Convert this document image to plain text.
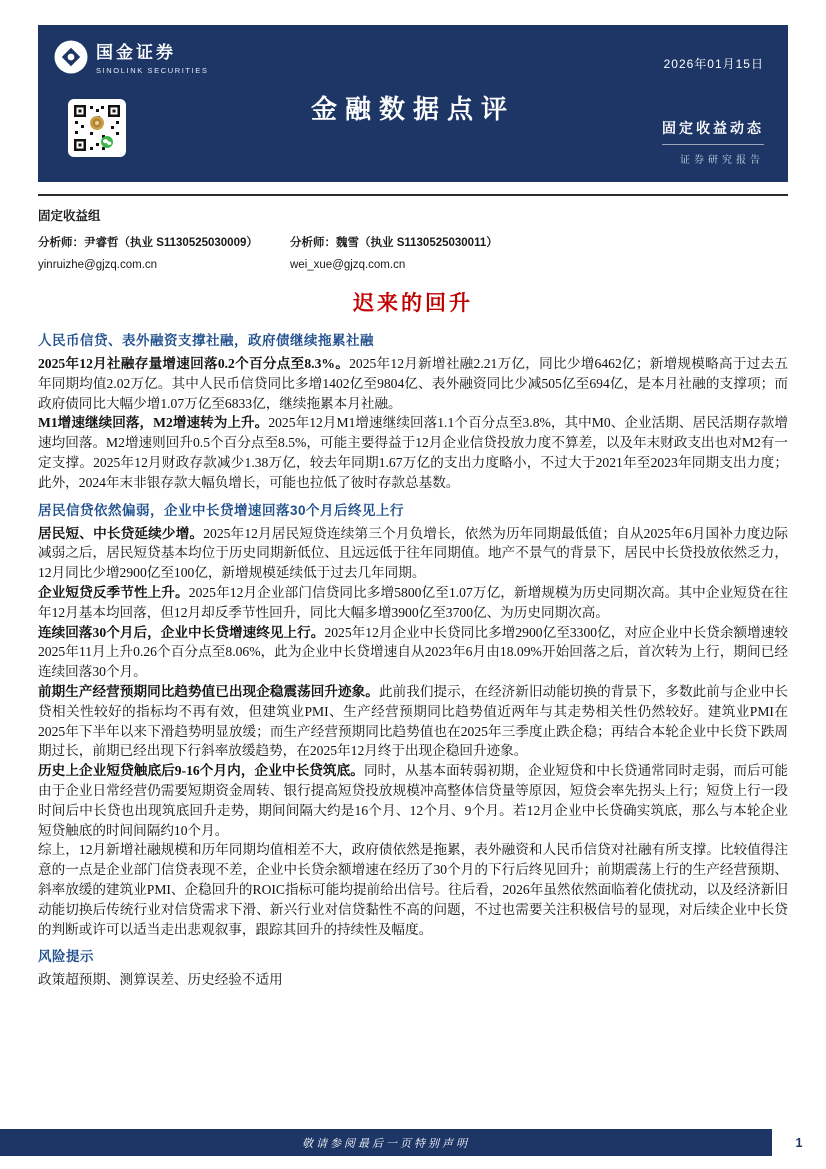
国金证券
SINOLINK SECURITIES	2026年01月15日
金融数据点评
固定收益动态
证券研究报告
固定收益组
分析师：尹睿哲（执业 S1130525030009）	分析师：魏雪（执业 S1130525030011）
yinruizhe@gjzq.com.cn	wei_xue@gjzq.com.cn
迟来的回升
人民币信贷、表外融资支撑社融，政府债继续拖累社融

2025年12月社融存量增速回落0.2个百分点至8.3%。2025年12月新增社融2.21万亿，同比少增6462亿；新增规模略高于过去五年同期均值2.02万亿。其中人民币信贷同比多增1402亿至9804亿、表外融资同比少减505亿至694亿，是本月社融的支撑项；而政府债同比大幅少增1.07万亿至6833亿，继续拖累本月社融。

M1增速继续回落，M2增速转为上升。2025年12月M1增速继续回落1.1个百分点至3.8%，其中M0、企业活期、居民活期存款增速均回落。M2增速则回升0.5个百分点至8.5%，可能主要得益于12月企业信贷投放力度不算差，以及年末财政支出也对M2有一定支撑。2025年12月财政存款减少1.38万亿，较去年同期1.67万亿的支出力度略小，不过大于2021年至2023年同期支出力度；此外，2024年末非银存款大幅负增长，可能也拉低了彼时存款总基数。

居民信贷依然偏弱，企业中长贷增速回落30个月后终见上行

居民短、中长贷延续少增。2025年12月居民短贷连续第三个月负增长，依然为历年同期最低值；自从2025年6月国补力度边际减弱之后，居民短贷基本均位于历史同期新低位、且远远低于往年同期值。地产不景气的背景下，居民中长贷投放依然乏力，12月同比少增2900亿至100亿，新增规模延续低于过去几年同期。

企业短贷反季节性上升。2025年12月企业部门信贷同比多增5800亿至1.07万亿，新增规模为历史同期次高。其中企业短贷在往年12月基本均回落，但12月却反季节性回升，同比大幅多增3900亿至3700亿、为历史同期次高。

连续回落30个月后，企业中长贷增速终见上行。2025年12月企业中长贷同比多增2900亿至3300亿，对应企业中长贷余额增速较2025年11月上升0.26个百分点至8.06%，此为企业中长贷增速自从2023年6月由18.09%开始回落之后，首次转为上行，期间已经连续回落30个月。

前期生产经营预期同比趋势值已出现企稳震荡回升迹象。此前我们提示，在经济新旧动能切换的背景下，多数此前与企业中长贷相关性较好的指标均不再有效，但建筑业PMI、生产经营预期同比趋势值近两年与其走势相关性仍然较好。建筑业PMI在2025年下半年以来下滑趋势明显放缓；而生产经营预期同比趋势值也在2025年三季度止跌企稳；再结合本轮企业中长贷下跌周期过长，前期已经出现下行斜率放缓趋势，在2025年12月终于出现企稳回升迹象。

历史上企业短贷触底后9-16个月内，企业中长贷筑底。同时，从基本面转弱初期，企业短贷和中长贷通常同时走弱，而后可能由于企业日常经营仍需要短期资金周转、银行提高短贷投放规模冲高整体信贷量等原因，短贷会率先拐头上行；短贷上行一段时间后中长贷也出现筑底回升走势，期间间隔大约是16个月、12个月、9个月。若12月企业中长贷确实筑底，那么与本轮企业短贷触底的时间间隔约10个月。

综上，12月新增社融规模和历年同期均值相差不大，政府债依然是拖累，表外融资和人民币信贷对社融有所支撑。比较值得注意的一点是企业部门信贷表现不差，企业中长贷余额增速在经历了30个月的下行后终见回升；前期震荡上行的生产经营预期、斜率放缓的建筑业PMI、企稳回升的ROIC指标可能均提前给出信号。往后看，2026年虽然依然面临着化债扰动，以及经济新旧动能切换后传统行业对信贷需求下滑、新兴行业对信贷黏性不高的问题，不过也需要关注积极信号的显现，对后续企业中长贷的判断或许可以适当走出悲观叙事，跟踪其回升的持续性及幅度。

风险提示

政策超预期、测算误差、历史经验不适用

敬请参阅最后一页特别声明	1
